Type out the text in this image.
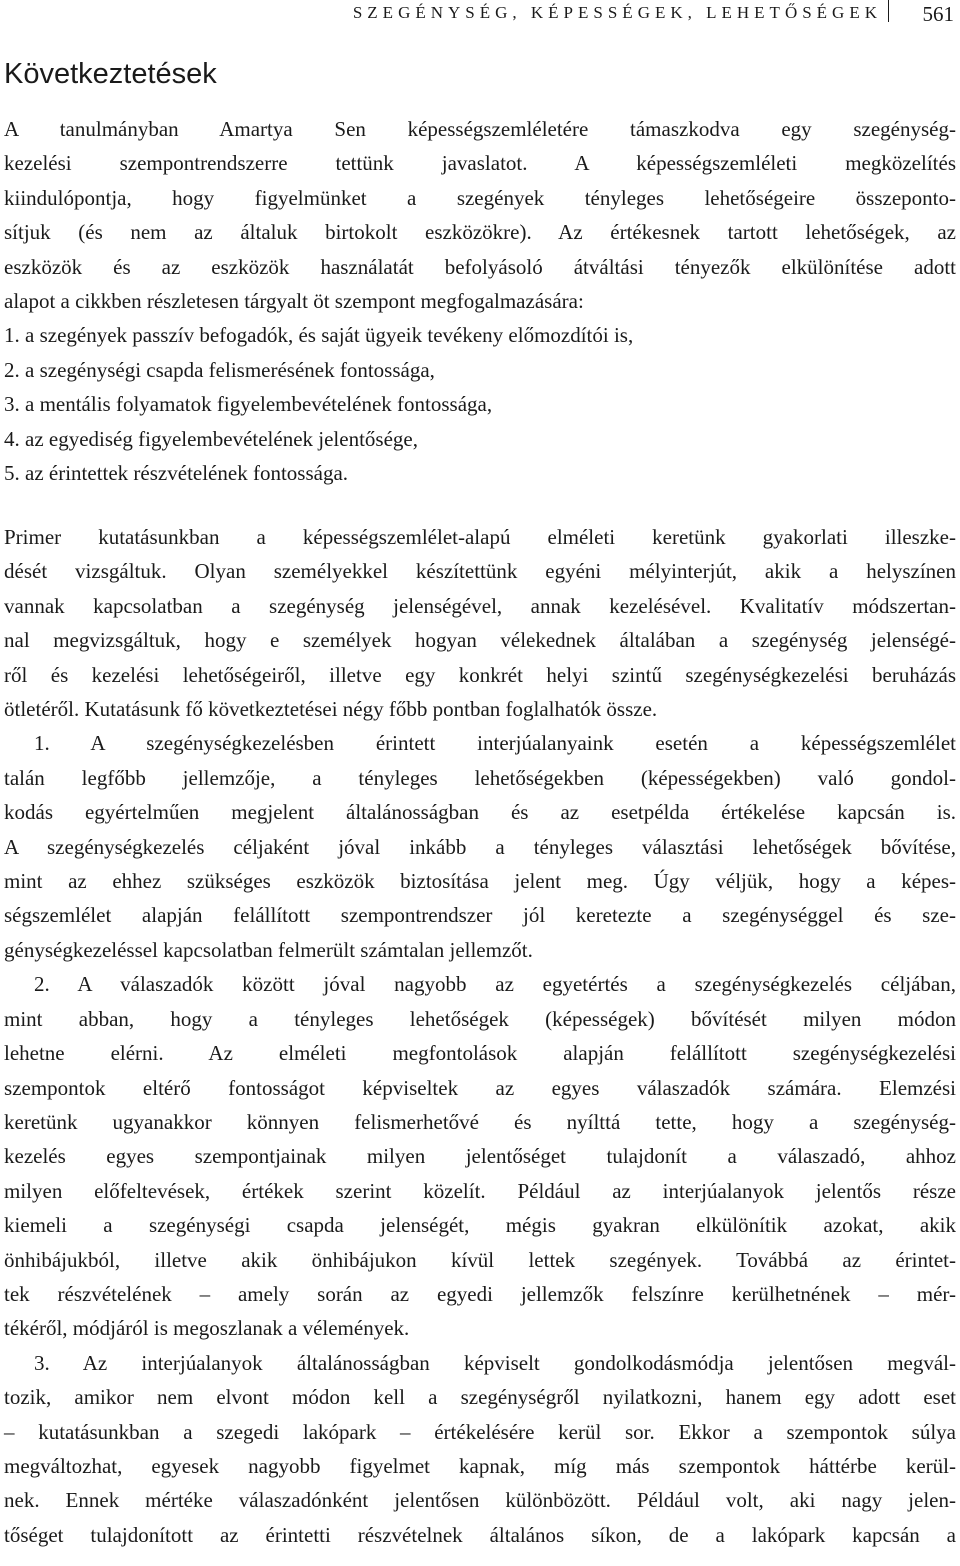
SZEGÉNYSÉG, KÉPESSÉGEK, LEHETŐSÉGEK 561
Következtetések
A tanulmányban Amartya Sen képességszemléletére támaszkodva egy szegénység-
kezelési szempontrendszerre tettünk javaslatot. A képességszemléleti megközelítés
kiindulópontja, hogy figyelmünket a szegények tényleges lehetőségeire összeponto-
sítjuk (és nem az általuk birtokolt eszközökre). Az értékesnek tartott lehetőségek, az
eszközök és az eszközök használatát befolyásoló átváltási tényezők elkülönítése adott
alapot a cikkben részletesen tárgyalt öt szempont megfogalmazására:
1. a szegények passzív befogadók, és saját ügyeik tevékeny előmozdítói is,
2. a szegénységi csapda felismerésének fontossága,
3. a mentális folyamatok figyelembevételének fontossága,
4. az egyediség figyelembevételének jelentősége,
5. az érintettek részvételének fontossága.
Primer kutatásunkban a képességszemlélet-alapú elméleti keretünk gyakorlati illeszke-
dését vizsgáltuk. Olyan személyekkel készítettünk egyéni mélyinterjút, akik a helyszínen
vannak kapcsolatban a szegénység jelenségével, annak kezelésével. Kvalitatív módszertan-
nal megvizsgáltuk, hogy e személyek hogyan vélekednek általában a szegénység jelenségé-
ről és kezelési lehetőségeiről, illetve egy konkrét helyi szintű szegénységkezelési beruházás
ötletéről. Kutatásunk fő következtetései négy főbb pontban foglalhatók össze.
1. A szegénységkezelésben érintett interjúalanyaink esetén a képességszemlélet
talán legfőbb jellemzője, a tényleges lehetőségekben (képességekben) való gondol-
kodás egyértelműen megjelent általánosságban és az esetpélda értékelése kapcsán is.
A szegénységkezelés céljaként jóval inkább a tényleges választási lehetőségek bővítése,
mint az ehhez szükséges eszközök biztosítása jelent meg. Úgy véljük, hogy a képes-
ségszemlélet alapján felállított szempontrendszer jól keretezte a szegénységgel és sze-
génységkezeléssel kapcsolatban felmerült számtalan jellemzőt.
2. A válaszadók között jóval nagyobb az egyetértés a szegénységkezelés céljában,
mint abban, hogy a tényleges lehetőségek (képességek) bővítését milyen módon
lehetne elérni. Az elméleti megfontolások alapján felállított szegénységkezelési
szempontok eltérő fontosságot képviseltek az egyes válaszadók számára. Elemzési
keretünk ugyanakkor könnyen felismerhetővé és nyílttá tette, hogy a szegénység-
kezelés egyes szempontjainak milyen jelentőséget tulajdonít a válaszadó, ahhoz
milyen előfeltevések, értékek szerint közelít. Például az interjúalanyok jelentős része
kiemeli a szegénységi csapda jelenségét, mégis gyakran elkülönítik azokat, akik
önhibájukból, illetve akik önhibájukon kívül lettek szegények. Továbbá az érintet-
tek részvételének – amely során az egyedi jellemzők felszínre kerülhetnének – mér-
tékéről, módjáról is megoszlanak a vélemények.
3. Az interjúalanyok általánosságban képviselt gondolkodásmódja jelentősen megvál-
tozik, amikor nem elvont módon kell a szegénységről nyilatkozni, hanem egy adott eset
– kutatásunkban a szegedi lakópark – értékelésére kerül sor. Ekkor a szempontok súlya
megváltozhat, egyesek nagyobb figyelmet kapnak, míg más szempontok háttérbe kerül-
nek. Ennek mértéke válaszadónként jelentősen különbözött. Például volt, aki nagy jelen-
tőséget tulajdonított az érintetti részvételnek általános síkon, de a lakópark kapcsán a
